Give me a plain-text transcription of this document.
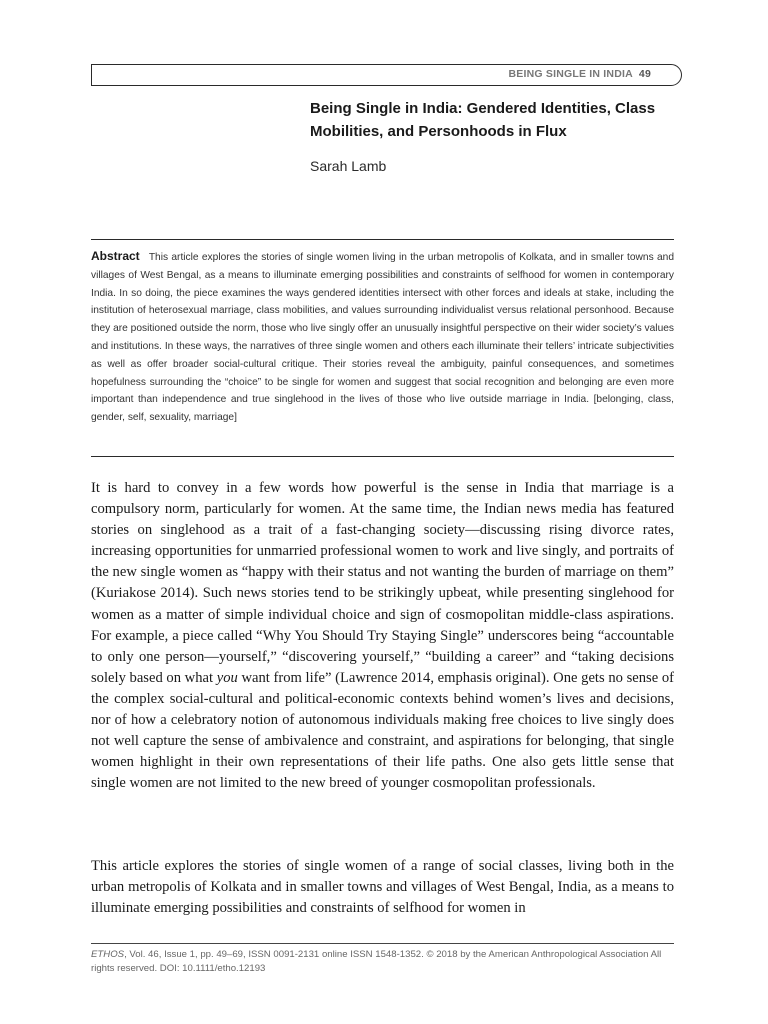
BEING SINGLE IN INDIA 49
Being Single in India: Gendered Identities, Class Mobilities, and Personhoods in Flux
Sarah Lamb
Abstract This article explores the stories of single women living in the urban metropolis of Kolkata, and in smaller towns and villages of West Bengal, as a means to illuminate emerging possibilities and constraints of selfhood for women in contemporary India. In so doing, the piece examines the ways gendered identities intersect with other forces and ideals at stake, including the institution of heterosexual marriage, class mobilities, and values surrounding individualist versus relational personhood. Because they are positioned outside the norm, those who live singly offer an unusually insightful perspective on their wider society’s values and institutions. In these ways, the narratives of three single women and others each illuminate their tellers’ intricate subjectivities as well as offer broader social-cultural critique. Their stories reveal the ambiguity, painful consequences, and sometimes hopefulness surrounding the “choice” to be single for women and suggest that social recognition and belonging are even more important than independence and true singlehood in the lives of those who live outside marriage in India. [belonging, class, gender, self, sexuality, marriage]
It is hard to convey in a few words how powerful is the sense in India that marriage is a compulsory norm, particularly for women. At the same time, the Indian news media has featured stories on singlehood as a trait of a fast-changing society—discussing rising divorce rates, increasing opportunities for unmarried professional women to work and live singly, and portraits of the new single women as “happy with their status and not wanting the burden of marriage on them” (Kuriakose 2014). Such news stories tend to be strikingly upbeat, while presenting singlehood for women as a matter of simple individual choice and sign of cosmopolitan middle-class aspirations. For example, a piece called “Why You Should Try Staying Single” underscores being “accountable to only one person—yourself,” “discovering yourself,” “building a career” and “taking decisions solely based on what you want from life” (Lawrence 2014, emphasis original). One gets no sense of the complex social-cultural and political-economic contexts behind women’s lives and decisions, nor of how a celebratory notion of autonomous individuals making free choices to live singly does not well capture the sense of ambivalence and constraint, and aspirations for belonging, that single women highlight in their own representations of their life paths. One also gets little sense that single women are not limited to the new breed of younger cosmopolitan professionals.
This article explores the stories of single women of a range of social classes, living both in the urban metropolis of Kolkata and in smaller towns and villages of West Bengal, India, as a means to illuminate emerging possibilities and constraints of selfhood for women in
ETHOS, Vol. 46, Issue 1, pp. 49–69, ISSN 0091-2131 online ISSN 1548-1352. © 2018 by the American Anthropological Association All rights reserved. DOI: 10.1111/etho.12193
